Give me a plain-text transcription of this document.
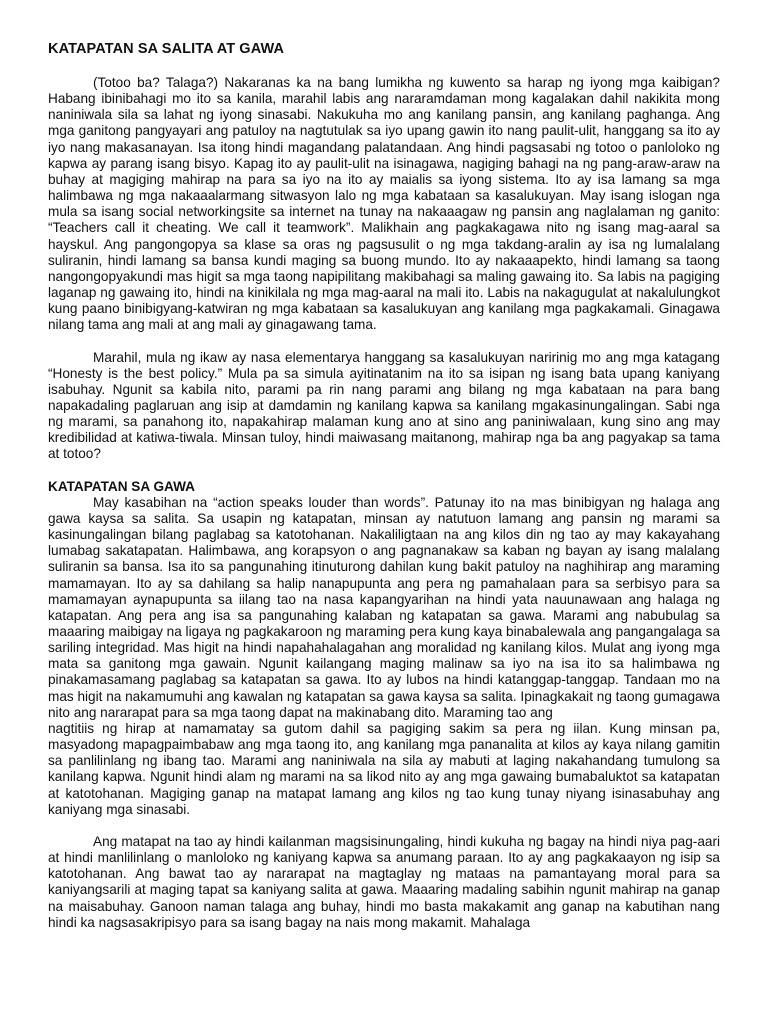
KATAPATAN SA SALITA AT GAWA

(Totoo ba? Talaga?) Nakaranas ka na bang lumikha ng kuwento sa harap ng iyong mga kaibigan? Habang ibinibahagi mo ito sa kanila, marahil labis ang nararamdaman mong kagalakan dahil nakikita mong naniniwala sila sa lahat ng iyong sinasabi. Nakukuha mo ang kanilang pansin, ang kanilang paghanga. Ang mga ganitong pangyayari ang patuloy na nagtutulak sa iyo upang gawin ito nang paulit-ulit, hanggang sa ito ay iyo nang makasanayan. Isa itong hindi magandang palatandaan. Ang hindi pagsasabi ng totoo o panloloko ng kapwa ay parang isang bisyo. Kapag ito ay paulit-ulit na isinagawa, nagiging bahagi na ng pang-araw-araw na buhay at magiging mahirap na para sa iyo na ito ay maialis sa iyong sistema. Ito ay isa lamang sa mga halimbawa ng mga nakaaalarmang sitwasyon lalo ng mga kabataan sa kasalukuyan. May isang islogan nga mula sa isang social networkingsite sa internet na tunay na nakaaagaw ng pansin ang naglalaman ng ganito: “Teachers call it cheating. We call it teamwork”. Malikhain ang pagkakagawa nito ng isang mag-aaral sa hayskul. Ang pangongopya sa klase sa oras ng pagsusulit o ng mga takdang-aralin ay isa ng lumalalang suliranin, hindi lamang sa bansa kundi maging sa buong mundo. Ito ay nakaaapekto, hindi lamang sa taong nangongopyakundi mas higit sa mga taong napipilitang makibahagi sa maling gawaing ito. Sa labis na pagiging laganap ng gawaing ito, hindi na kinikilala ng mga mag-aaral na mali ito. Labis na nakagugulat at nakalulungkot kung paano binibigyang-katwiran ng mga kabataan sa kasalukuyan ang kanilang mga pagkakamali. Ginagawa nilang tama ang mali at ang mali ay ginagawang tama.

Marahil, mula ng ikaw ay nasa elementarya hanggang sa kasalukuyan naririnig mo ang mga katagang “Honesty is the best policy.” Mula pa sa simula ayitinatanim na ito sa isipan ng isang bata upang kaniyang isabuhay. Ngunit sa kabila nito, parami pa rin nang parami ang bilang ng mga kabataan na para bang napakadaling paglaruan ang isip at damdamin ng kanilang kapwa sa kanilang mgakasinungalingan. Sabi nga ng marami, sa panahong ito, napakahirap malaman kung ano at sino ang paniniwalaan, kung sino ang may kredibilidad at katiwa-tiwala. Minsan tuloy, hindi maiwasang maitanong, mahirap nga ba ang pagyakap sa tama at totoo?

KATAPATAN SA GAWA

May kasabihan na “action speaks louder than words”. Patunay ito na mas binibigyan ng halaga ang gawa kaysa sa salita. Sa usapin ng katapatan, minsan ay natutuon lamang ang pansin ng marami sa kasinungalingan bilang paglabag sa katotohanan. Nakaliligtaan na ang kilos din ng tao ay may kakayahang lumabag sakatapatan. Halimbawa, ang korapsyon o ang pagnanakaw sa kaban ng bayan ay isang malalang suliranin sa bansa. Isa ito sa pangunahing itinuturong dahilan kung bakit patuloy na naghihirap ang maraming mamamayan. Ito ay sa dahilang sa halip nanapupunta ang pera ng pamahalaan para sa serbisyo para sa mamamayan aynapupunta sa iilang tao na nasa kapangyarihan na hindi yata nauunawaan ang halaga ng katapatan. Ang pera ang isa sa pangunahing kalaban ng katapatan sa gawa. Marami ang nabubulag sa maaaring maibigay na ligaya ng pagkakaroon ng maraming pera kung kaya binabalewala ang pangangalaga sa sariling integridad. Mas higit na hindi napahahalagahan ang moralidad ng kanilang kilos. Mulat ang iyong mga mata sa ganitong mga gawain. Ngunit kailangang maging malinaw sa iyo na isa ito sa halimbawa ng pinakamasamang paglabag sa katapatan sa gawa. Ito ay lubos na hindi katanggap-tanggap. Tandaan mo na mas higit na nakamumuhi ang kawalan ng katapatan sa gawa kaysa sa salita. Ipinagkakait ng taong gumagawa nito ang nararapat para sa mga taong dapat na makinabang dito. Maraming tao ang

nagtitiis ng hirap at namamatay sa gutom dahil sa pagiging sakim sa pera ng iilan. Kung minsan pa, masyadong mapagpaimbabaw ang mga taong ito, ang kanilang mga pananalita at kilos ay kaya nilang gamitin sa panlilinlang ng ibang tao. Marami ang naniniwala na sila ay mabuti at laging nakahandang tumulong sa kanilang kapwa. Ngunit hindi alam ng marami na sa likod nito ay ang mga gawaing bumabaluktot sa katapatan at katotohanan. Magiging ganap na matapat lamang ang kilos ng tao kung tunay niyang isinasabuhay ang kaniyang mga sinasabi.

Ang matapat na tao ay hindi kailanman magsisinungaling, hindi kukuha ng bagay na hindi niya pag-aari at hindi manlilinlang o manloloko ng kaniyang kapwa sa anumang paraan. Ito ay ang pagkakaayon ng isip sa katotohanan. Ang bawat tao ay nararapat na magtaglay ng mataas na pamantayang moral para sa kaniyangsarili at maging tapat sa kaniyang salita at gawa. Maaaring madaling sabihin ngunit mahirap na ganap na maisabuhay. Ganoon naman talaga ang buhay, hindi mo basta makakamit ang ganap na kabutihan nang hindi ka nagsasakripisyo para sa isang bagay na nais mong makamit. Mahalaga
